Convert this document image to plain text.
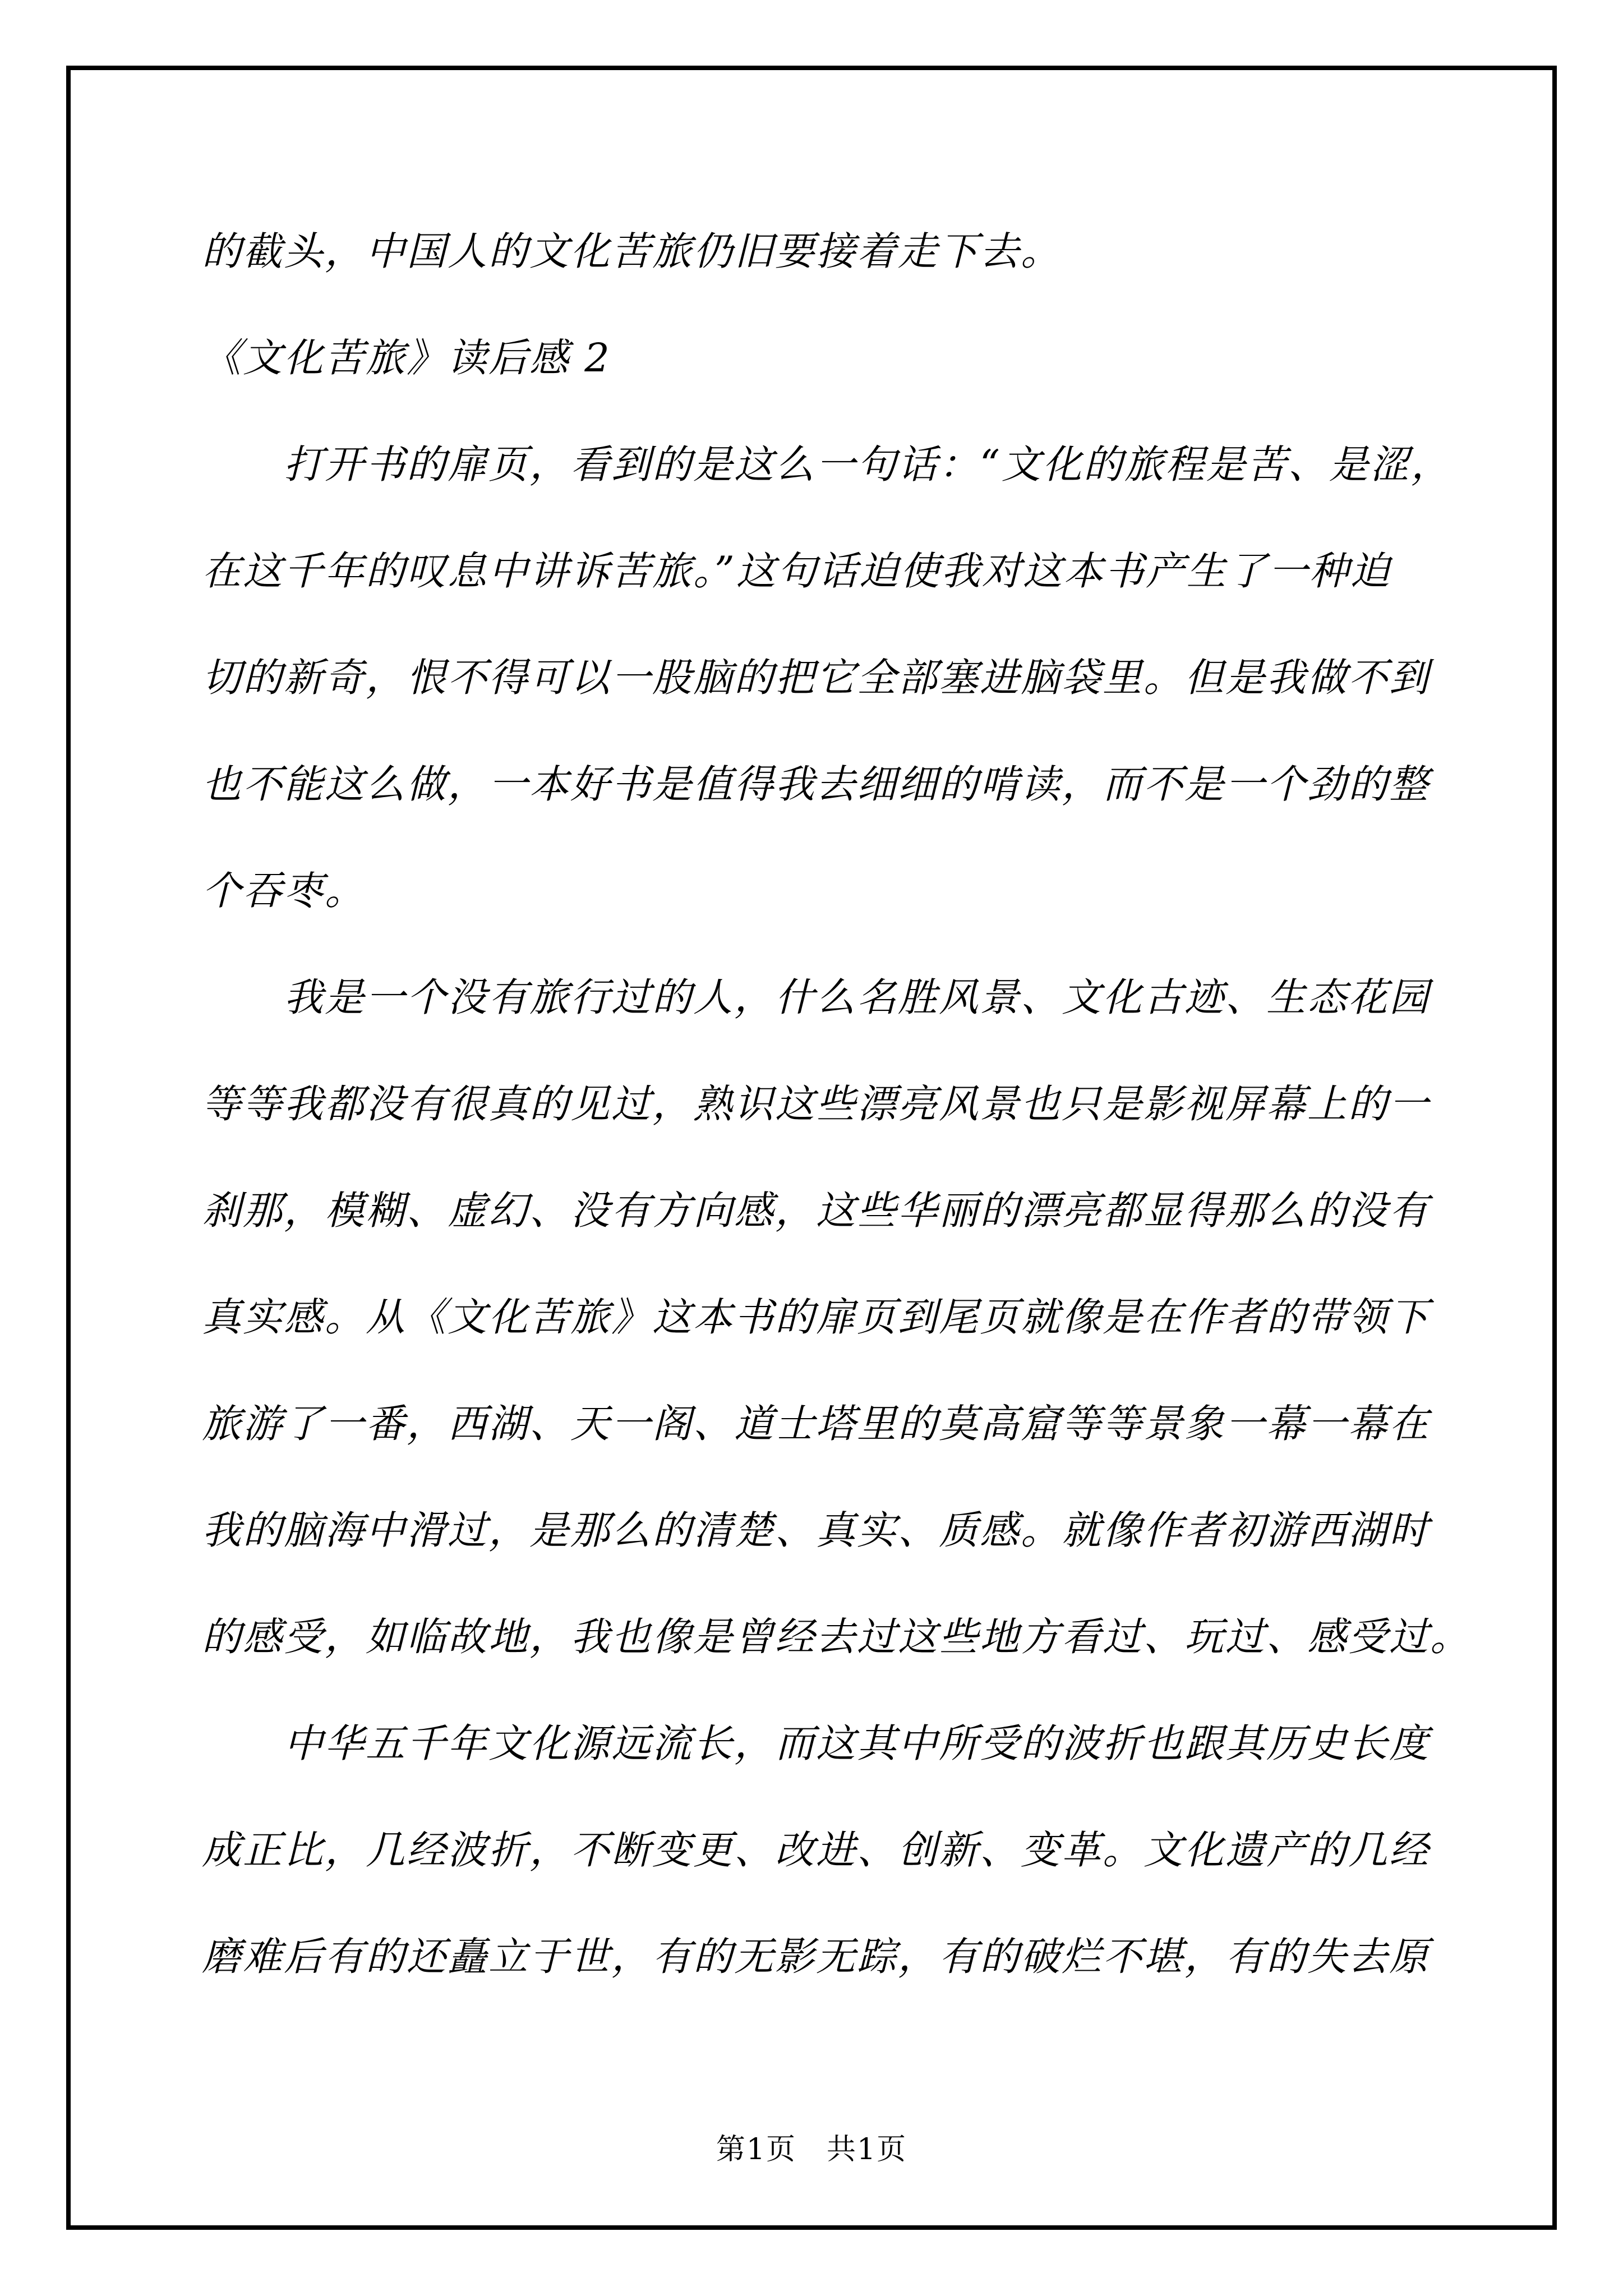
的截头，中国人的文化苦旅仍旧要接着走下去。
《文化苦旅》读后感 2
打开书的扉页，看到的是这么一句话：“文化的旅程是苦、是涩，
在这千年的叹息中讲诉苦旅。”这句话迫使我对这本书产生了一种迫
切的新奇，恨不得可以一股脑的把它全部塞进脑袋里。但是我做不到
也不能这么做，一本好书是值得我去细细的啃读，而不是一个劲的整
个吞枣。
我是一个没有旅行过的人，什么名胜风景、文化古迹、生态花园
等等我都没有很真的见过，熟识这些漂亮风景也只是影视屏幕上的一
刹那，模糊、虚幻、没有方向感，这些华丽的漂亮都显得那么的没有
真实感。从《文化苦旅》这本书的扉页到尾页就像是在作者的带领下
旅游了一番，西湖、天一阁、道士塔里的莫高窟等等景象一幕一幕在
我的脑海中滑过，是那么的清楚、真实、质感。就像作者初游西湖时
的感受，如临故地，我也像是曾经去过这些地方看过、玩过、感受过。
中华五千年文化源远流长，而这其中所受的波折也跟其历史长度
成正比，几经波折，不断变更、改进、创新、变革。文化遗产的几经
磨难后有的还矗立于世，有的无影无踪，有的破烂不堪，有的失去原
第1页　共1页
